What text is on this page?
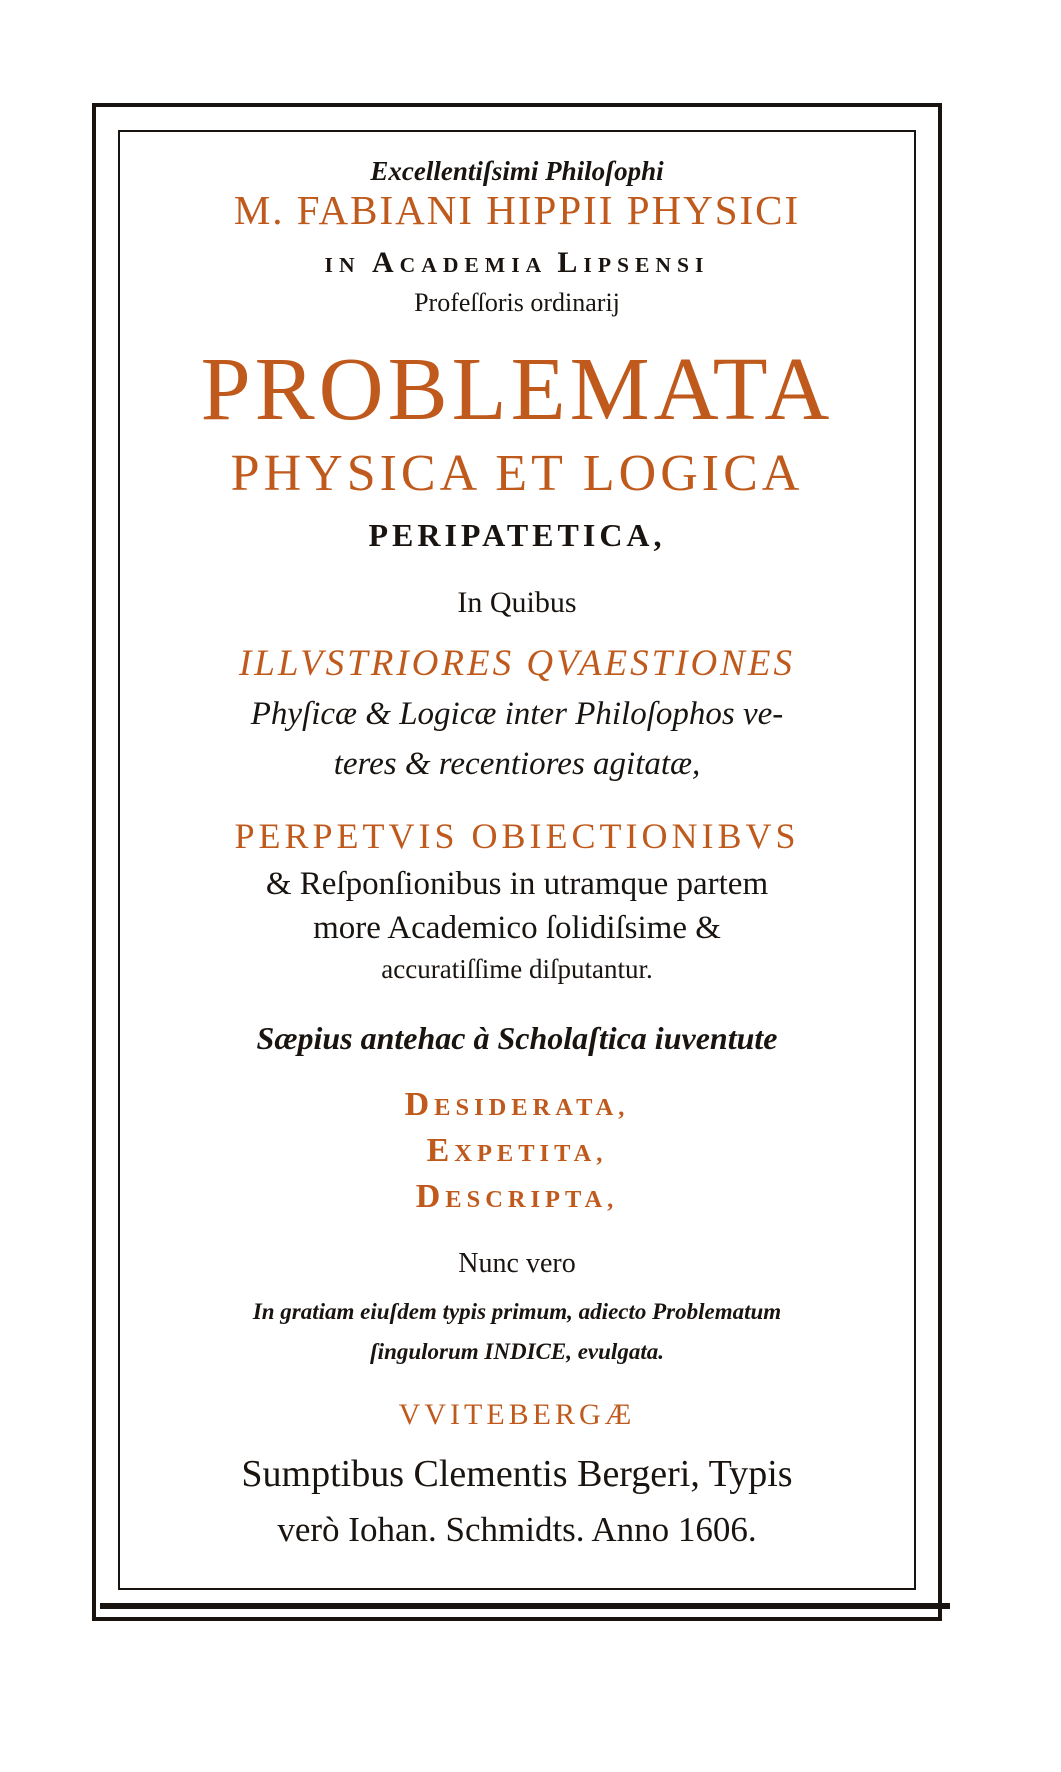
Excellentiſsimi Philoſophi
M. FABIANI HIPPII PHYSICI
IN ACADEMIA LIPSENSI
Profeſſoris ordinarij
PROBLEMATA
PHYSICA ET LOGICA
PERIPATETICA,
In Quibus
ILLVSTRIORES QVAESTIONES
Phyſicæ & Logicæ inter Philoſophos ve-
teres & recentiores agitatæ,
PERPETVIS OBIECTIONIBVS
& Reſponſionibus in utramque partem
more Academico ſolidiſsime &
accuratiſſime diſputantur.
Sæpius antehac à Scholaſtica iuventute
DESIDERATA,
EXPETITA,
DESCRIPTA,
Nunc vero
In gratiam eiuſdem typis primum, adiecto Problematum
ſingulorum INDICE, evulgata.
VVITEBERGÆ
Sumptibus Clementis Bergeri, Typis
verò Iohan. Schmidts. Anno 1606.
